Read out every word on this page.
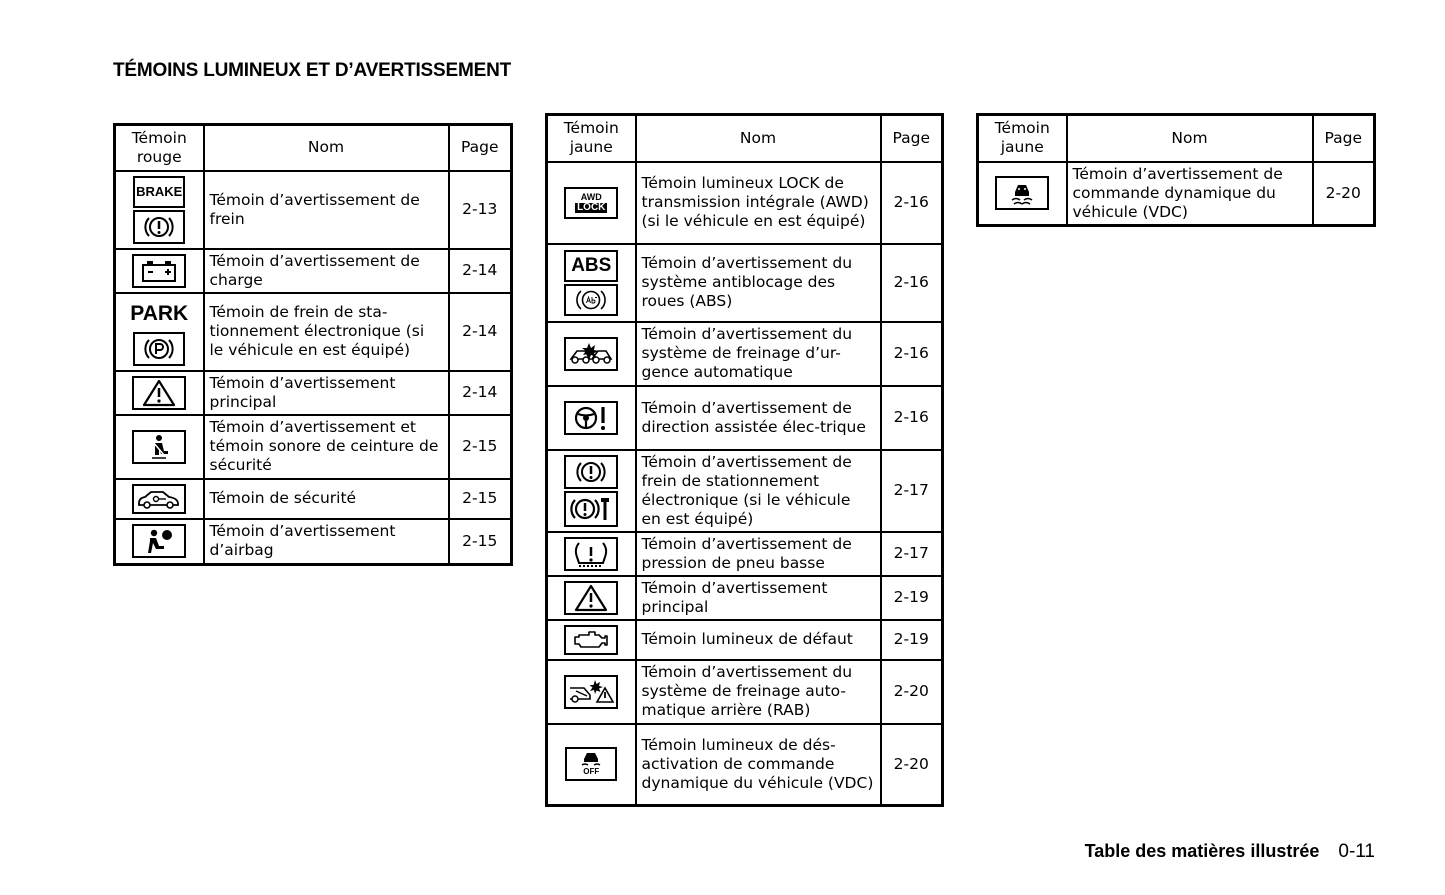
TÉMOINS LUMINEUX ET D’AVERTISSEMENT
Témoin rouge	Nom	Page

BRAKE	Témoin d’avertissement de frein	2-13

	Témoin d’avertissement de charge	2-14

PARK	Témoin de frein de sta-tionnement électronique (si le véhicule en est équipé)	2-14

	Témoin d’avertissement principal	2-14

	Témoin d’avertissement et témoin sonore de ceinture de sécurité	2-15

	Témoin de sécurité	2-15

	Témoin d’avertissement d’airbag	2-15
Témoin jaune	Nom	Page

AWD
LOCK	Témoin lumineux LOCK de transmission intégrale (AWD) (si le véhicule en est équipé)	2-16

ABS	Témoin d’avertissement du système antiblocage des roues (ABS)	2-16

	Témoin d’avertissement du système de freinage d’ur-gence automatique	2-16

	Témoin d’avertissement de direction assistée élec-trique	2-16

	Témoin d’avertissement de frein de stationnement électronique (si le véhicule en est équipé)	2-17

	Témoin d’avertissement de pression de pneu basse	2-17

	Témoin d’avertissement principal	2-19

	Témoin lumineux de défaut	2-19

	Témoin d’avertissement du système de freinage auto-matique arrière (RAB)	2-20

OFF	Témoin lumineux de dés-activation de commande dynamique du véhicule (VDC)	2-20
Témoin jaune	Nom	Page

	Témoin d’avertissement de commande dynamique du véhicule (VDC)	2-20
Table des matières illustrée 0-11
